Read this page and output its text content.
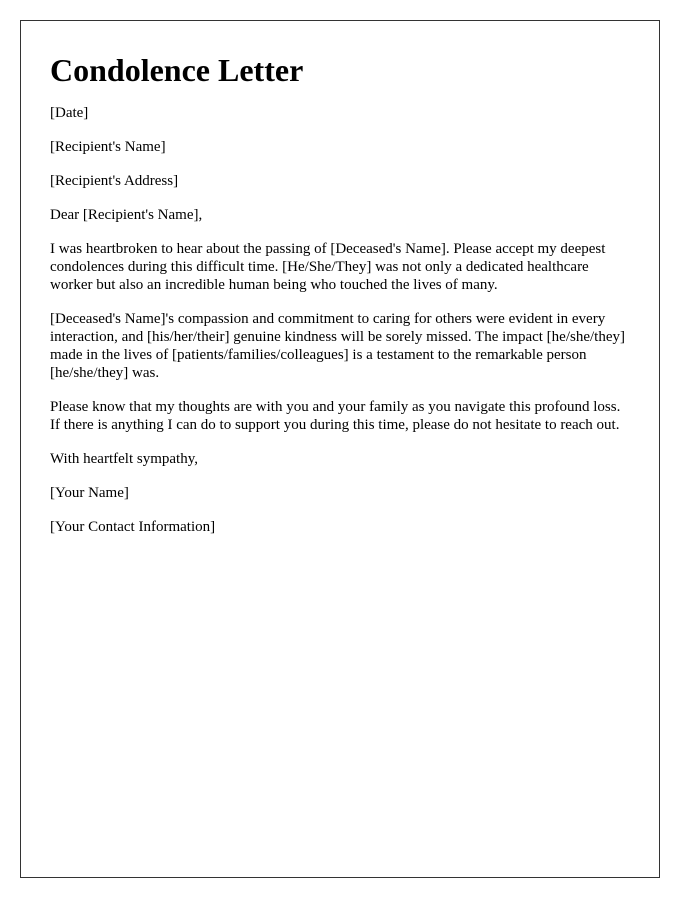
Condolence Letter

[Date]

[Recipient's Name]

[Recipient's Address]

Dear [Recipient's Name],

I was heartbroken to hear about the passing of [Deceased's Name]. Please accept my deepest condolences during this difficult time. [He/She/They] was not only a dedicated healthcare worker but also an incredible human being who touched the lives of many.

[Deceased's Name]'s compassion and commitment to caring for others were evident in every interaction, and [his/her/their] genuine kindness will be sorely missed. The impact [he/she/they] made in the lives of [patients/families/colleagues] is a testament to the remarkable person [he/she/they] was.

Please know that my thoughts are with you and your family as you navigate this profound loss. If there is anything I can do to support you during this time, please do not hesitate to reach out.

With heartfelt sympathy,

[Your Name]

[Your Contact Information]
